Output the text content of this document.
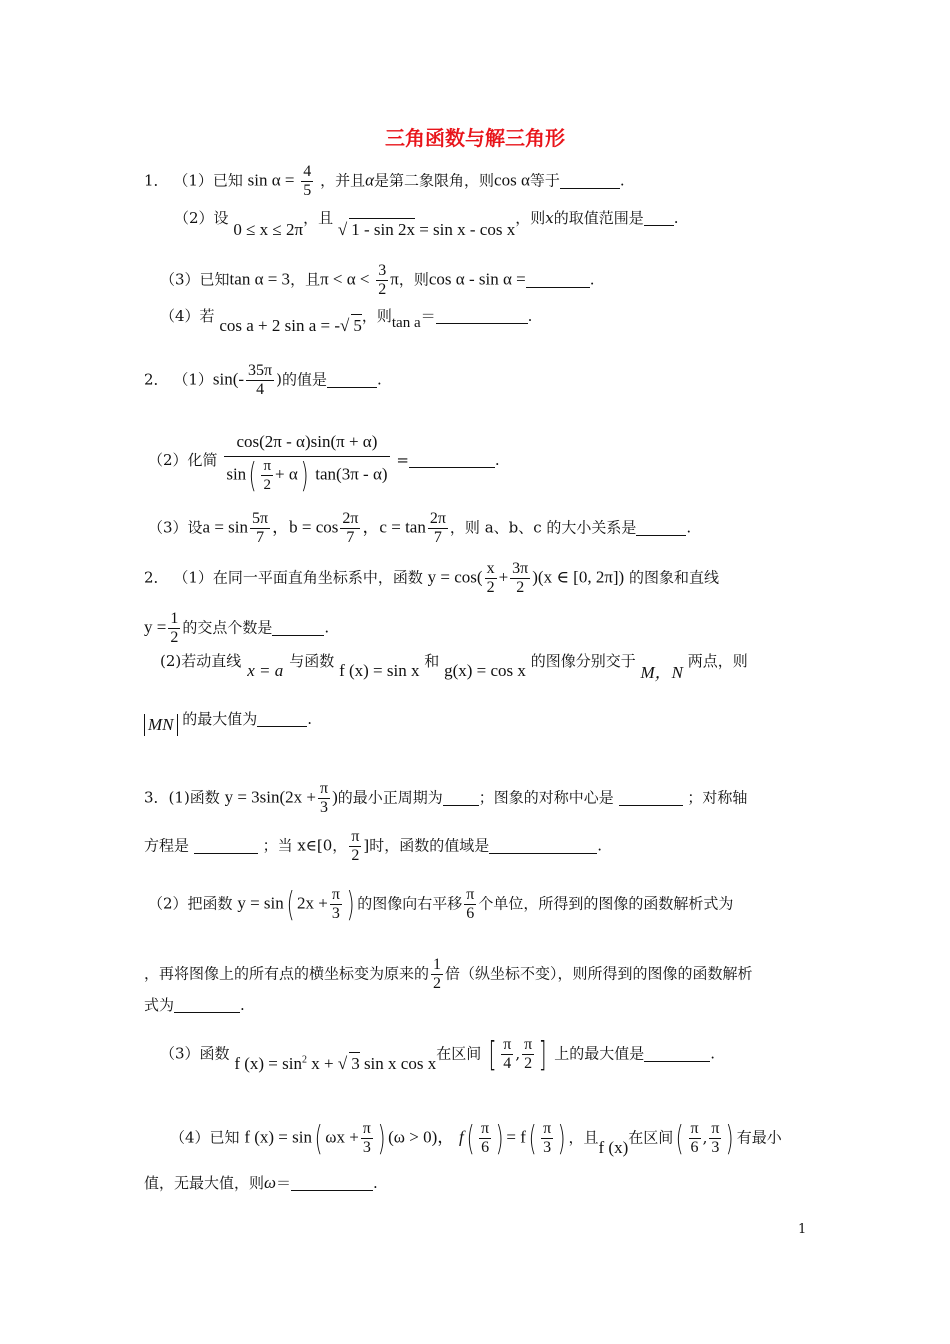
三角函数与解三角形
1． （1）已知 $\sin \alpha = \frac{4}{5}$ ，并且α是第二象限角，则cos α等于	.
（2）设 0 ≤ x ≤ 2π，且 √ 1 - sin 2x = sin x - cos x，则x的取值范围是 .
（3）已知tan α = 3，且$\pi < \alpha < \frac{3}{2}$ π，则cos α - sin α =	.
（4）若 cos a + 2 sin a = -√ 5，则tan a＝	.
2． $(1)\sin(- \frac{35\pi}{4}$ )的值是	.
（2）化简 $\frac{\cos(2\pi - \alpha)\sin(\pi + \alpha)}{\sin( \frac{\pi}{2} + \alpha) \tan(3\pi - \alpha)}$ =	.
（3）设$a = \sin \frac{5\pi}{7}$ ，$b = \cos \frac{2\pi}{7}$ ，$c = \tan \frac{2\pi}{7}$ ，则 a、b、c 的大小关系是	.
2． （1）在同一平面直角坐标系中，函数 $y = \cos( \frac{x}{2} + \frac{3\pi}{2} )(x$ ∈ [0, 2π]) 的图象和直线
$y = \frac{1}{2}$ 的交点个数是	.
(2)若动直线 x = a 与函数 f (x) = sin x 和 g(x) = cos x 的图像分别交于 M，N 两点，则
MN 的最大值为	.
3．(1)函数 $y = 3\sin(2x + \frac{\pi}{3}$ )的最小正周期为 ；图象的对称中心是	；对称轴
方程是	；当 x∈[0， $\frac{\pi}{2}$ ]时，函数的值域是	.
（2）把函数 y = sin( $2x + \frac{\pi}{3}$ ) 的图像向右平移 $\frac{\pi}{6}$ 个单位，所得到的图像的函数解析式为
，再将图像上的所有点的横坐标变为原来的 $\frac{1}{2}$ 倍（纵坐标不变），则所得到的图像的函数解析
式为	.
（3）函数 f $(x) = \sin^2 x$ + √ 3 sin x cos x在区间 [ $\frac{\pi}{4}$ , $\frac{\pi}{2}$ ] 上的最大值是	.
（4）已知 f (x) = sin( $\omega x + \frac{\pi}{3}$ ) (ω > 0)， $f( \frac{\pi}{6}$ ) = $f( \frac{\pi}{3}$ ) ，且f (x)在区间( $\frac{\pi}{6}$ , $\frac{\pi}{3}$ ) 有最小
值，无最大值，则ω＝	.
1
